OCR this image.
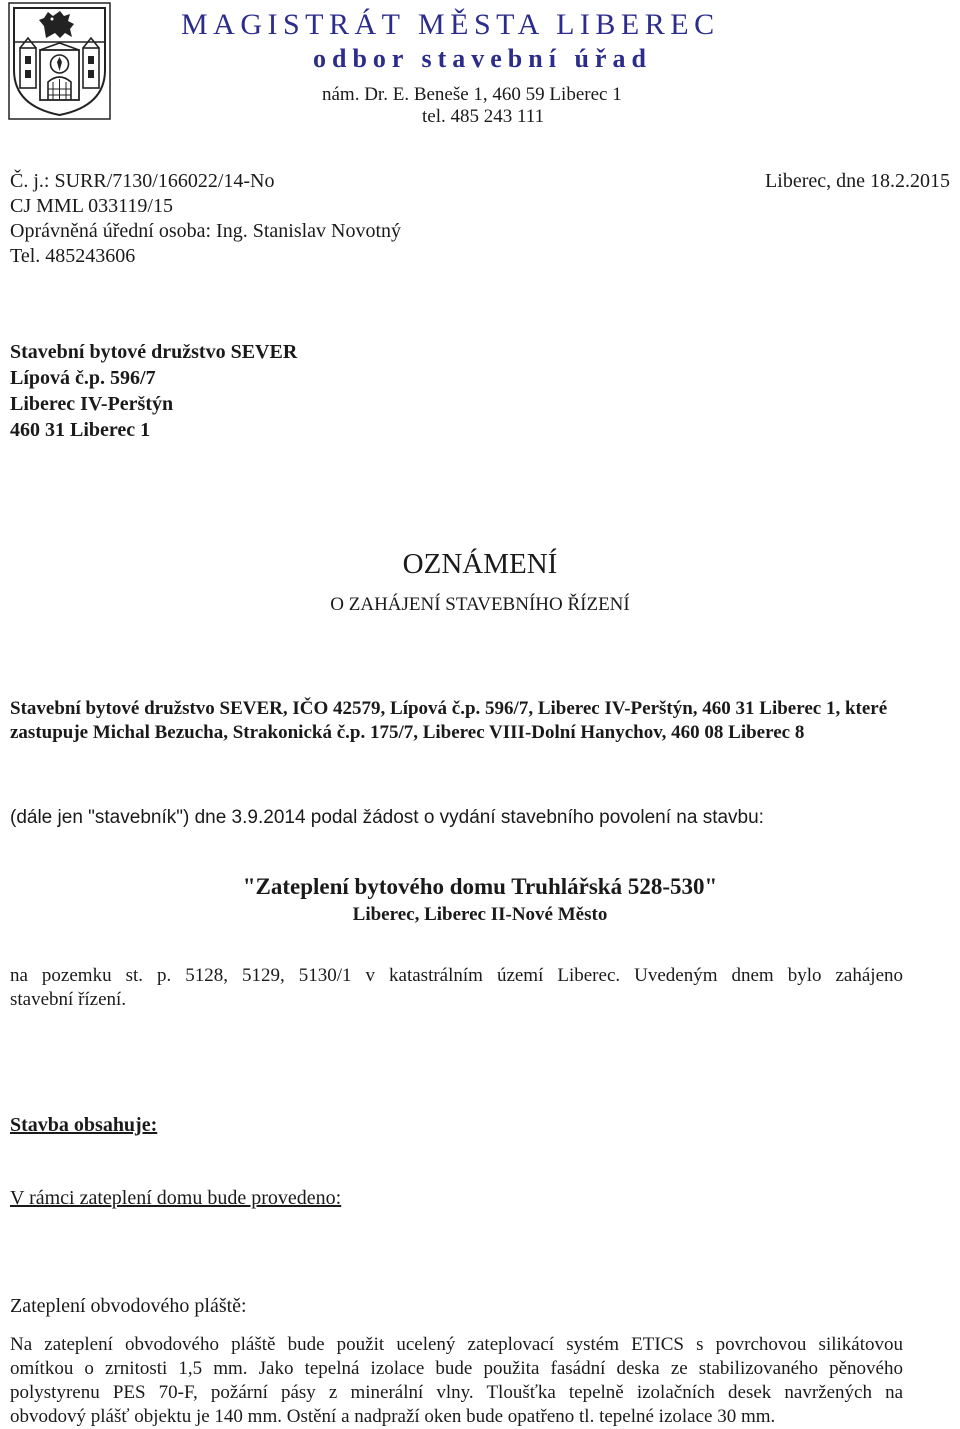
MAGISTRÁT MĚSTA LIBEREC

odbor stavební úřad

nám. Dr. E. Beneše 1, 460 59 Liberec 1

tel. 485 243 111

Č. j.: SURR/7130/166022/14-No

CJ MML 033119/15

Oprávněná úřední osoba: Ing. Stanislav Novotný

Tel. 485243606

Liberec, dne 18.2.2015

Stavební bytové družstvo SEVER
Lípová č.p. 596/7
Liberec IV-Perštýn
460 31 Liberec 1

OZNÁMENÍ

O ZAHÁJENÍ STAVEBNÍHO ŘÍZENÍ

Stavební bytové družstvo SEVER, IČO 42579, Lípová č.p. 596/7, Liberec IV-Perštýn, 460 31 Liberec 1, které zastupuje Michal Bezucha, Strakonická č.p. 175/7, Liberec VIII-Dolní Hanychov, 460 08 Liberec 8

(dále jen "stavebník") dne 3.9.2014 podal žádost o vydání stavebního povolení na stavbu:

"Zateplení bytového domu Truhlářská 528-530"

Liberec, Liberec II-Nové Město

na pozemku st. p. 5128, 5129, 5130/1 v katastrálním území Liberec. Uvedeným dnem bylo zahájeno
stavební řízení.

Stavba obsahuje:

V rámci zateplení domu bude provedeno:

Zateplení obvodového pláště:

Na zateplení obvodového pláště bude použit ucelený zateplovací systém ETICS s povrchovou silikátovou
omítkou o zrnitosti 1,5 mm. Jako tepelná izolace bude použita fasádní deska ze stabilizovaného pěnového
polystyrenu PES 70-F, požární pásy z minerální vlny. Tloušťka tepelně izolačních desek navržených na
obvodový plášť objektu je 140 mm. Ostění a nadpraží oken bude opatřeno tl. tepelné izolace 30 mm.
